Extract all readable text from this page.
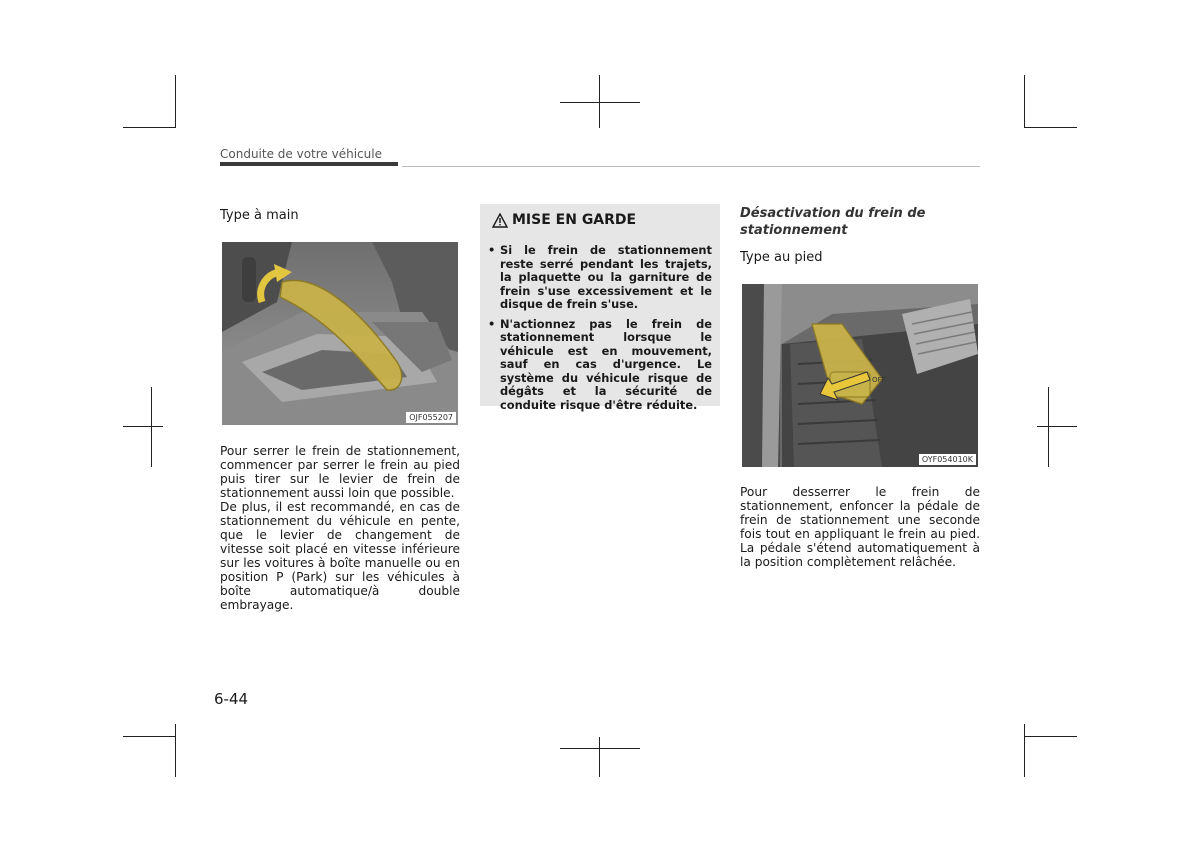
Conduite de votre véhicule
Type à main
OJF055207

Pour serrer le frein de stationnement, commencer par serrer le frein au pied puis tirer sur le levier de frein de stationnement aussi loin que possible.

De plus, il est recommandé, en cas de stationnement du véhicule en pente, que le levier de changement de vitesse soit placé en vitesse inférieure sur les voitures à boîte manuelle ou en position P (Park) sur les véhicules à boîte automatique/à double embrayage.

MISE EN GARDE
• Si le frein de stationnement reste serré pendant les trajets, la plaquette ou la garniture de frein s'use excessivement et le disque de frein s'use.
• N'actionnez pas le frein de stationnement lorsque le véhicule est en mouvement, sauf en cas d'urgence. Le système du véhicule risque de dégâts et la sécurité de conduite risque d'être réduite.
Désactivation du frein de stationnement
Type au pied
OFF
OYF054010K

Pour desserrer le frein de stationnement, enfoncer la pédale de frein de stationnement une seconde fois tout en appliquant le frein au pied. La pédale s'étend automatiquement à la position complètement relâchée.

6-44
